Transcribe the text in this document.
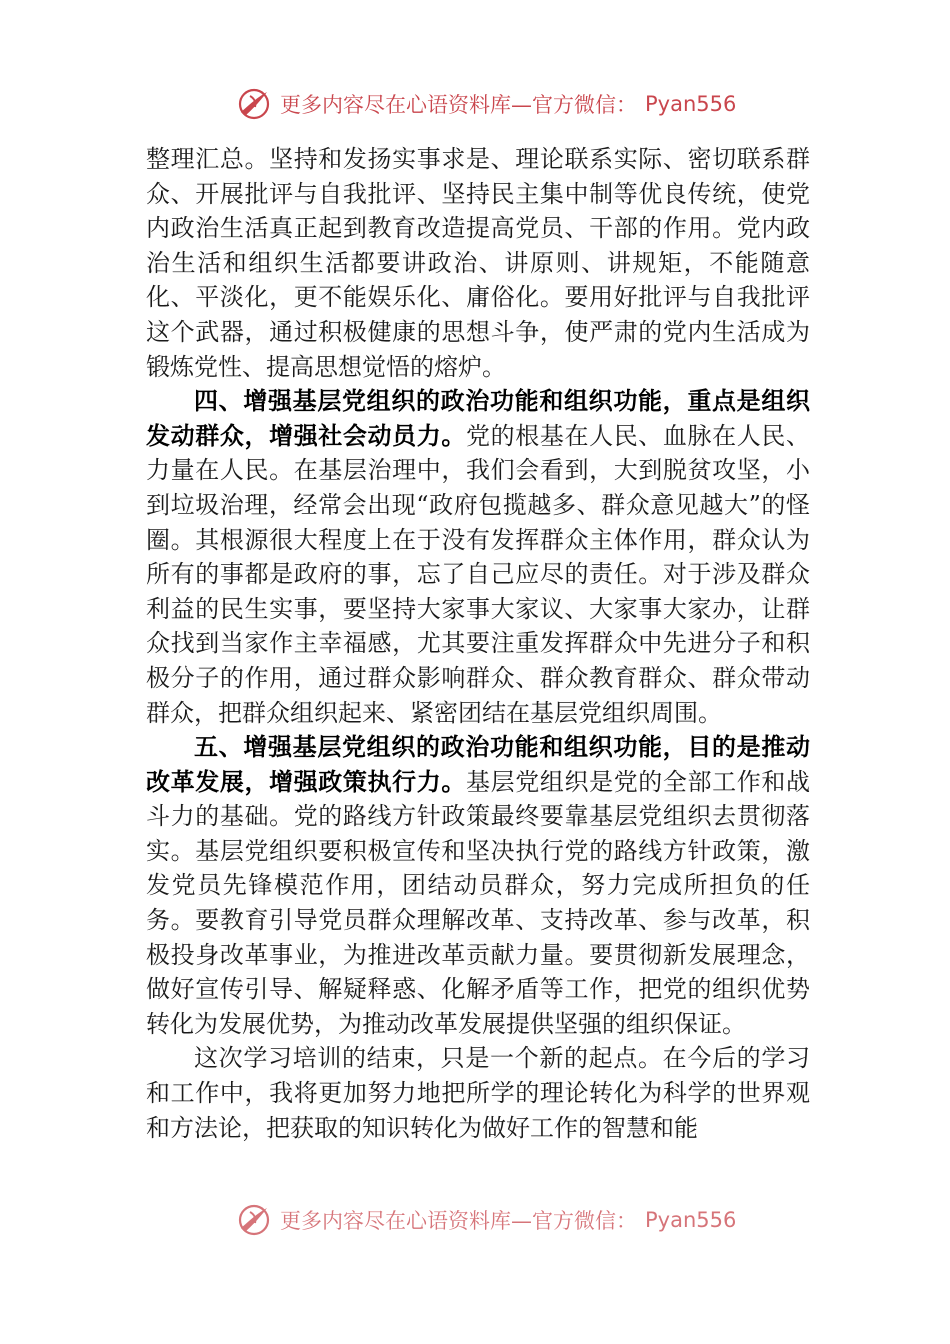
更多内容尽在心语资料库—官方微信： Pyan556

整理汇总。坚持和发扬实事求是、理论联系实际、密切联系群众、开展批评与自我批评、坚持民主集中制等优良传统，使党内政治生活真正起到教育改造提高党员、干部的作用。党内政治生活和组织生活都要讲政治、讲原则、讲规矩，不能随意化、平淡化，更不能娱乐化、庸俗化。要用好批评与自我批评这个武器，通过积极健康的思想斗争，使严肃的党内生活成为锻炼党性、提高思想觉悟的熔炉。

四、增强基层党组织的政治功能和组织功能，重点是组织发动群众，增强社会动员力。党的根基在人民、血脉在人民、力量在人民。在基层治理中，我们会看到，大到脱贫攻坚，小到垃圾治理，经常会出现“政府包揽越多、群众意见越大”的怪圈。其根源很大程度上在于没有发挥群众主体作用，群众认为所有的事都是政府的事，忘了自己应尽的责任。对于涉及群众利益的民生实事，要坚持大家事大家议、大家事大家办，让群众找到当家作主幸福感，尤其要注重发挥群众中先进分子和积极分子的作用，通过群众影响群众、群众教育群众、群众带动群众，把群众组织起来、紧密团结在基层党组织周围。

五、增强基层党组织的政治功能和组织功能，目的是推动改革发展，增强政策执行力。基层党组织是党的全部工作和战斗力的基础。党的路线方针政策最终要靠基层党组织去贯彻落实。基层党组织要积极宣传和坚决执行党的路线方针政策，激发党员先锋模范作用，团结动员群众，努力完成所担负的任务。要教育引导党员群众理解改革、支持改革、参与改革，积极投身改革事业，为推进改革贡献力量。要贯彻新发展理念，做好宣传引导、解疑释惑、化解矛盾等工作，把党的组织优势转化为发展优势，为推动改革发展提供坚强的组织保证。

这次学习培训的结束，只是一个新的起点。在今后的学习和工作中，我将更加努力地把所学的理论转化为科学的世界观和方法论，把获取的知识转化为做好工作的智慧和能

更多内容尽在心语资料库—官方微信： Pyan556
